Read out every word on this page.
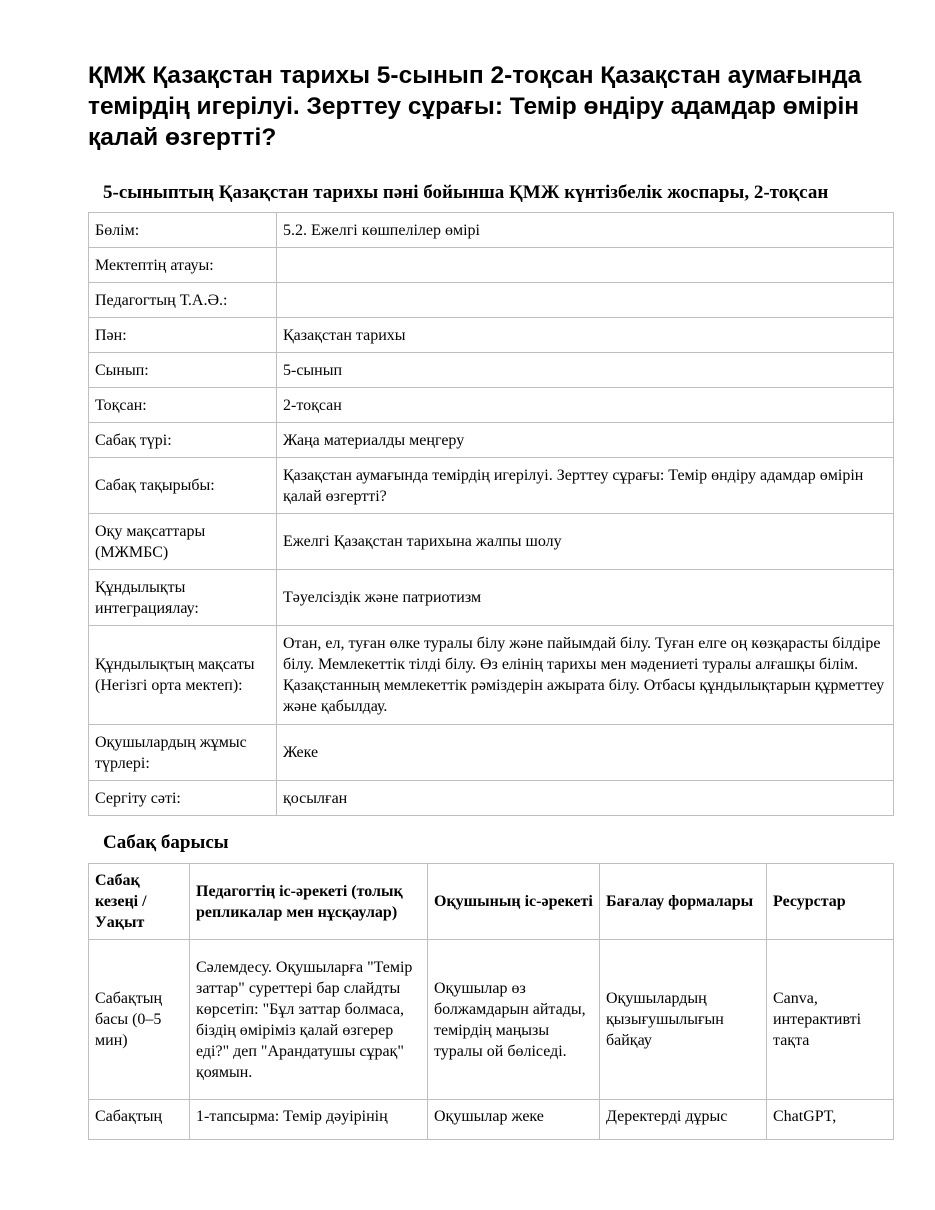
ҚМЖ Қазақстан тарихы 5-сынып 2-тоқсан Қазақстан аумағында темірдің игерілуі. Зерттеу сұрағы: Темір өндіру адамдар өмірін қалай өзгертті?
5-сыныптың Қазақстан тарихы пәні бойынша ҚМЖ күнтізбелік жоспары, 2-тоқсан
Бөлім:	5.2. Ежелгі көшпелілер өмірі
Мектептің атауы:	
Педагогтың Т.А.Ә.:	
Пән:	Қазақстан тарихы
Сынып:	5-сынып
Тоқсан:	2-тоқсан
Сабақ түрі:	Жаңа материалды меңгеру
Сабақ тақырыбы:	Қазақстан аумағында темірдің игерілуі. Зерттеу сұрағы: Темір өндіру адамдар өмірін қалай өзгертті?
Оқу мақсаттары (МЖМБС)	Ежелгі Қазақстан тарихына жалпы шолу
Құндылықты интеграциялау:	Тәуелсіздік және патриотизм
Құндылықтың мақсаты (Негізгі орта мектеп):	Отан, ел, туған өлке туралы білу және пайымдай білу. Туған елге оң көзқарасты білдіре білу. Мемлекеттік тілді білу. Өз елінің тарихы мен мәдениеті туралы алғашқы білім. Қазақстанның мемлекеттік рәміздерін ажырата білу. Отбасы құндылықтарын құрметтеу және қабылдау.
Оқушылардың жұмыс түрлері:	Жеке
Сергіту сәті:	қосылған
Сабақ барысы
Сабақ кезеңі / Уақыт	Педагогтің іс-әрекеті (толық репликалар мен нұсқаулар)	Оқушының іс-әрекеті	Бағалау формалары	Ресурстар
Сабақтың басы (0–5 мин)	Сәлемдесу. Оқушыларға "Темір заттар" суреттері бар слайдты көрсетіп: "Бұл заттар болмаса, біздің өміріміз қалай өзгерер еді?" деп "Арандатушы сұрақ" қоямын.	Оқушылар өз болжамдарын айтады, темірдің маңызы туралы ой бөліседі.	Оқушылардың қызығушылығын байқау	Canva, интерактивті тақта
Сабақтың	1-тапсырма: Темір дәуірінің	Оқушылар жеке	Деректерді дұрыс	ChatGPT,
